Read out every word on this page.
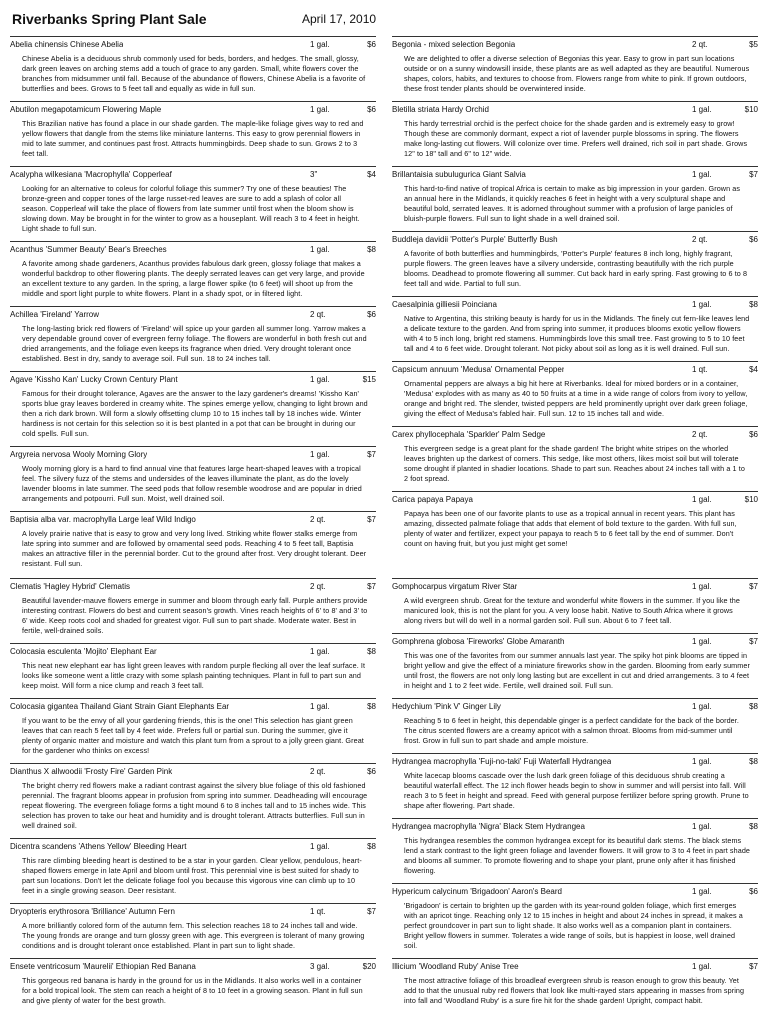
Riverbanks Spring Plant Sale	April 17, 2010
Abelia chinensis Chinese Abelia	1 gal.	$6

Chinese Abelia is a deciduous shrub commonly used for beds, borders, and hedges. The small, glossy, dark green leaves on arching stems add a touch of grace to any garden. Small, white flowers cover the branches from midsummer until fall. Because of the abundance of flowers, Chinese Abelia is a favorite of butterflies and bees. Grows to 5 feet tall and equally as wide in full sun.

Abutilon megapotamicum Flowering Maple	1 gal.	$6

This Brazilian native has found a place in our shade garden. The maple-like foliage gives way to red and yellow flowers that dangle from the stems like miniature lanterns. This easy to grow perennial flowers in mid to late summer, and continues past frost. Attracts hummingbirds. Deep shade to sun. Grows 2 to 3 feet tall.

Acalypha wilkesiana 'Macrophylla' Copperleaf	3"	$4

Looking for an alternative to coleus for colorful foliage this summer? Try one of these beauties! The bronze-green and copper tones of the large russet-red leaves are sure to add a splash of color all season. Copperleaf will take the place of flowers from late summer until frost when the bloom show is slowing down. May be brought in for the winter to grow as a houseplant. Will reach 3 to 4 feet in height. Light shade to full sun.

Acanthus 'Summer Beauty' Bear's Breeches	1 gal.	$8

A favorite among shade gardeners, Acanthus provides fabulous dark green, glossy foliage that makes a wonderful backdrop to other flowering plants. The deeply serrated leaves can get very large, and provide an excellent texture to any garden. In the spring, a large flower spike (to 6 feet) will shoot up from the middle and sport light purple to white flowers. Plant in a shady spot, or in filtered light.

Achillea 'Fireland' Yarrow	2 qt.	$6

The long-lasting brick red flowers of 'Fireland' will spice up your garden all summer long. Yarrow makes a very dependable ground cover of evergreen ferny foliage. The flowers are wonderful in both fresh cut and dried arrangements, and the foliage even keeps its fragrance when dried. Very drought tolerant once established. Best in dry, sandy to average soil. Full sun. 18 to 24 inches tall.

Agave 'Kissho Kan' Lucky Crown Century Plant	1 gal.	$15

Famous for their drought tolerance, Agaves are the answer to the lazy gardener's dreams! 'Kissho Kan' sports blue gray leaves bordered in creamy white. The spines emerge yellow, changing to light brown and then a rich dark brown. Will form a slowly offsetting clump 10 to 15 inches tall by 18 inches wide. Winter hardiness is not certain for this selection so it is best planted in a pot that can be brought in during our cold spells. Full sun.

Argyreia nervosa Wooly Morning Glory	1 gal.	$7

Wooly morning glory is a hard to find annual vine that features large heart-shaped leaves with a tropical feel. The silvery fuzz of the stems and undersides of the leaves illuminate the plant, as do the lovely lavender blooms in late summer. The seed pods that follow resemble woodrose and are popular in dried arrangements and potpourri. Full sun. Moist, well drained soil.

Baptisia alba var. macrophylla Large leaf Wild Indigo	2 qt.	$7

A lovely prairie native that is easy to grow and very long lived. Striking white flower stalks emerge from late spring into summer and are followed by ornamental seed pods. Reaching 4 to 5 feet tall, Baptisia makes an attractive filler in the perennial border. Cut to the ground after frost. Very drought tolerant. Deer resistant. Full sun.

Begonia - mixed selection Begonia	2 qt.	$5

We are delighted to offer a diverse selection of Begonias this year. Easy to grow in part sun locations outside or on a sunny windowsill inside, these plants are as well adapted as they are beautiful. Numerous shapes, colors, habits, and textures to choose from. Flowers range from white to pink. If grown outdoors, these frost tender plants should be overwintered inside.

Bletilla striata Hardy Orchid	1 gal.	$10

This hardy terrestrial orchid is the perfect choice for the shade garden and is extremely easy to grow! Though these are commonly dormant, expect a riot of lavender purple blossoms in spring. The flowers make long-lasting cut flowers. Will colonize over time. Prefers well drained, rich soil in part shade. Grows 12" to 18" tall and 6" to 12" wide.

Brillantaisia subulugurica Giant Salvia	1 gal.	$7

This hard-to-find native of tropical Africa is certain to make as big impression in your garden. Grown as an annual here in the Midlands, it quickly reaches 6 feet in height with a very sculptural shape and beautiful bold, serrated leaves. It is adorned throughout summer with a profusion of large panicles of bluish-purple flowers. Full sun to light shade in a well drained soil.

Buddleja davidii 'Potter's Purple' Butterfly Bush	2 qt.	$6

A favorite of both butterflies and hummingbirds, 'Potter's Purple' features 8 inch long, highly fragrant, purple flowers. The green leaves have a silvery underside, contrasting beautifully with the rich purple blooms. Deadhead to promote flowering all summer. Cut back hard in early spring. Fast growing to 6 to 8 feet tall and wide. Partial to full sun.

Caesalpinia gilliesii Poinciana	1 gal.	$8

Native to Argentina, this striking beauty is hardy for us in the Midlands. The finely cut fern-like leaves lend a delicate texture to the garden. And from spring into summer, it produces blooms exotic yellow flowers with 4 to 5 inch long, bright red stamens. Hummingbirds love this small tree. Fast growing to 5 to 10 feet tall and 4 to 6 feet wide. Drought tolerant. Not picky about soil as long as it is well drained. Full sun.

Capsicum annuum 'Medusa' Ornamental Pepper	1 qt.	$4

Ornamental peppers are always a big hit here at Riverbanks. Ideal for mixed borders or in a container, 'Medusa' explodes with as many as 40 to 50 fruits at a time in a wide range of colors from ivory to yellow, orange and bright red. The slender, twisted peppers are held prominently upright over dark green foliage, giving the effect of Medusa's fabled hair. Full sun. 12 to 15 inches tall and wide.

Carex phyllocephala 'Sparkler' Palm Sedge	2 qt.	$6

This evergreen sedge is a great plant for the shade garden! The bright white stripes on the whorled leaves brighten up the darkest of corners. This sedge, like most others, likes moist soil but will tolerate some drought if planted in shadier locations. Shade to part sun. Reaches about 24 inches tall with a 1 to 2 foot spread.

Carica papaya Papaya	1 gal.	$10

Papaya has been one of our favorite plants to use as a tropical annual in recent years. This plant has amazing, dissected palmate foliage that adds that element of bold texture to the garden. With full sun, plenty of water and fertilizer, expect your papaya to reach 5 to 6 feet tall by the end of summer. Don't count on having fruit, but you just might get some!

Clematis 'Hagley Hybrid' Clematis	2 qt.	$7

Beautiful lavender-mauve flowers emerge in summer and bloom through early fall. Purple anthers provide interesting contrast. Flowers do best and current season's growth. Vines reach heights of 6' to 8' and 3' to 6' wide. Keep roots cool and shaded for greatest vigor. Full sun to part shade. Moderate water. Best in fertile, well-drained soils.

Colocasia esculenta 'Mojito' Elephant Ear	1 gal.	$8

This neat new elephant ear has light green leaves with random purple flecking all over the leaf surface. It looks like someone went a little crazy with some splash painting techniques. Plant in full to part sun and keep moist. Will form a nice clump and reach 3 feet tall.

Colocasia gigantea Thailand Giant Strain Giant Elephants Ear	1 gal.	$8

If you want to be the envy of all your gardening friends, this is the one! This selection has giant green leaves that can reach 5 feet tall by 4 feet wide. Prefers full or partial sun. During the summer, give it plenty of organic matter and moisture and watch this plant turn from a sprout to a jolly green giant. Great for the gardener who thinks on excess!

Dianthus X allwoodii 'Frosty Fire' Garden Pink	2 qt.	$6

The bright cherry red flowers make a radiant contrast against the silvery blue foliage of this old fashioned perennial. The fragrant blooms appear in profusion from spring into summer. Deadheading will encourage repeat flowering. The evergreen foliage forms a tight mound 6 to 8 inches tall and to 15 inches wide. This selection has proven to take our heat and humidity and is drought tolerant. Attracts butterflies. Full sun in well drained soil.

Dicentra scandens 'Athens Yellow' Bleeding Heart	1 gal.	$8

This rare climbing bleeding heart is destined to be a star in your garden. Clear yellow, pendulous, heart-shaped flowers emerge in late April and bloom until frost. This perennial vine is best suited for shady to part sun locations. Don't let the delicate foliage fool you because this vigorous vine can climb up to 10 feet in a single growing season. Deer resistant.

Dryopteris erythrosora 'Brilliance' Autumn Fern	1 qt.	$7

A more brilliantly colored form of the autumn fern. This selection reaches 18 to 24 inches tall and wide. The young fronds are orange and turn glossy green with age. This evergreen is tolerant of many growing conditions and is drought tolerant once established. Plant in part sun to light shade.

Ensete ventricosum 'Maurelii' Ethiopian Red Banana	3 gal.	$20

This gorgeous red banana is hardy in the ground for us in the Midlands. It also works well in a container for a bold tropical look. The stem can reach a height of 8 to 10 feet in a growing season. Plant in full sun and give plenty of water for the best growth.

Gomphocarpus virgatum River Star	1 gal.	$7

A wild evergreen shrub. Great for the texture and wonderful white flowers in the summer. If you like the manicured look, this is not the plant for you. A very loose habit. Native to South Africa where it grows along rivers but will do well in a normal garden soil. Full sun. About 6 to 7 feet tall.

Gomphrena globosa 'Fireworks' Globe Amaranth	1 gal.	$7

This was one of the favorites from our summer annuals last year. The spiky hot pink blooms are tipped in bright yellow and give the effect of a miniature fireworks show in the garden. Blooming from early summer until frost, the flowers are not only long lasting but are excellent in cut and dried arrangements. 3 to 4 feet in height and 1 to 2 feet wide. Fertile, well drained soil. Full sun.

Hedychium 'Pink V' Ginger Lily	1 gal.	$8

Reaching 5 to 6 feet in height, this dependable ginger is a perfect candidate for the back of the border. The citrus scented flowers are a creamy apricot with a salmon throat. Blooms from mid-summer until frost. Grow in full sun to part shade and ample moisture.

Hydrangea macrophylla 'Fuji-no-taki' Fuji Waterfall Hydrangea	1 gal.	$8

White lacecap blooms cascade over the lush dark green foliage of this deciduous shrub creating a beautiful waterfall effect. The 12 inch flower heads begin to show in summer and will persist into fall. Will reach 3 to 5 feet in height and spread. Feed with general purpose fertilizer before spring growth. Prune to shape after flowering. Part shade.

Hydrangea macrophylla 'Nigra' Black Stem Hydrangea	1 gal.	$8

This hydrangea resembles the common hydrangea except for its beautiful dark stems. The black stems lend a stark contrast to the light green foliage and lavender flowers. It will grow to 3 to 4 feet in part shade and blooms all summer. To promote flowering and to shape your plant, prune only after it has finished flowering.

Hypericum calycinum 'Brigadoon' Aaron's Beard	1 gal.	$6

'Brigadoon' is certain to brighten up the garden with its year-round golden foliage, which first emerges with an apricot tinge. Reaching only 12 to 15 inches in height and about 24 inches in spread, it makes a perfect groundcover in part sun to light shade. It also works well as a companion plant in containers. Bright yellow flowers in summer. Tolerates a wide range of soils, but is happiest in loose, well drained soil.

Illicium 'Woodland Ruby' Anise Tree	1 gal.	$7

The most attractive foliage of this broadleaf evergreen shrub is reason enough to grow this beauty. Yet add to that the unusual ruby red flowers that look like multi-rayed stars appearing in masses from spring into fall and 'Woodland Ruby' is a sure fire hit for the shade garden! Upright, compact habit.
